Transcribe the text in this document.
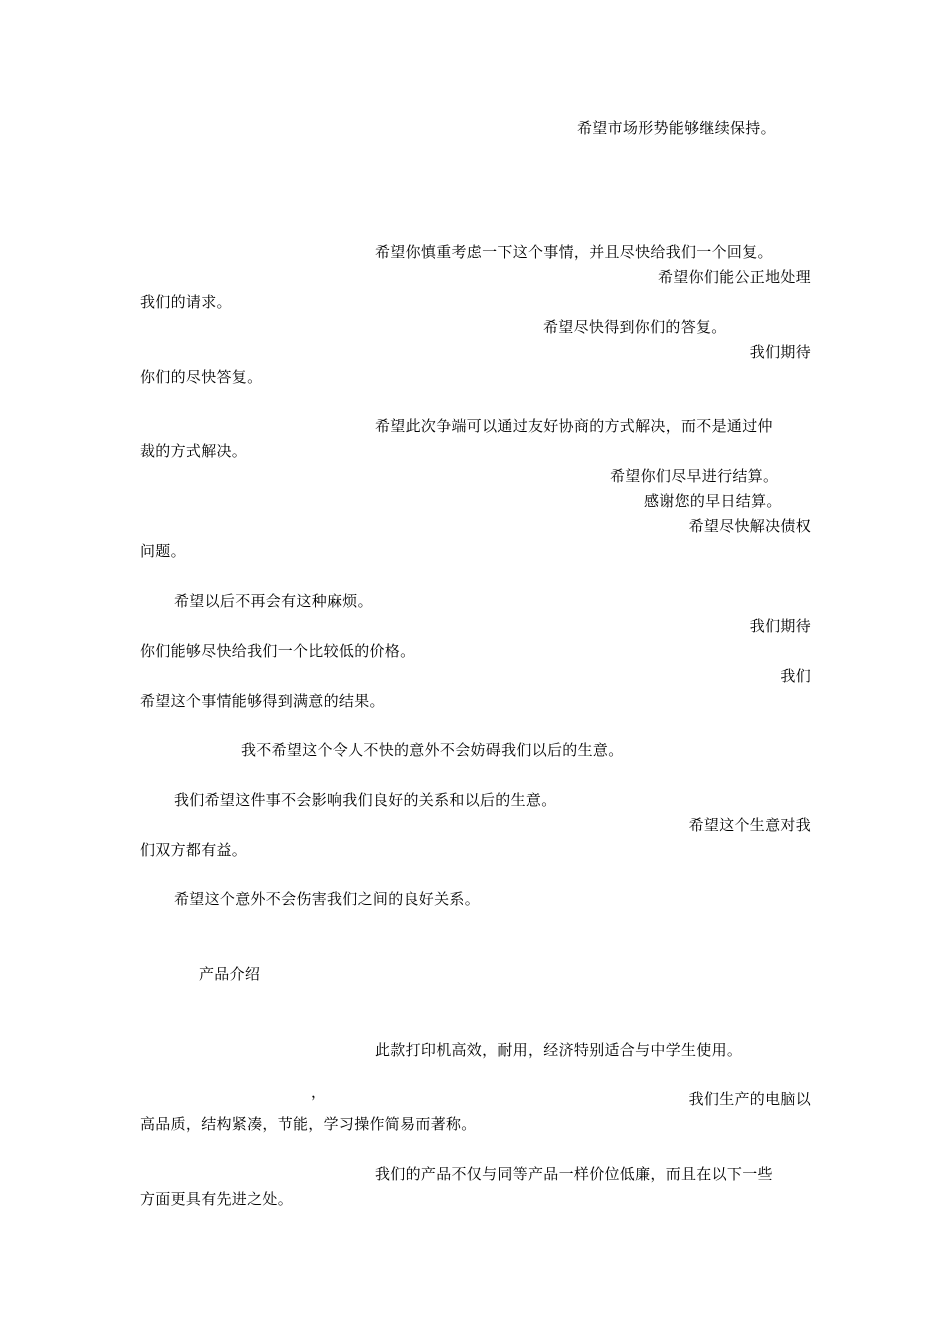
希望市场形势能够继续保持。
希望你慎重考虑一下这个事情，并且尽快给我们一个回复。
希望你们能公正地处理
我们的请求。
希望尽快得到你们的答复。
我们期待
你们的尽快答复。
希望此次争端可以通过友好协商的方式解决，而不是通过仲
裁的方式解决。
希望你们尽早进行结算。
感谢您的早日结算。
希望尽快解决债权
问题。
希望以后不再会有这种麻烦。
我们期待
你们能够尽快给我们一个比较低的价格。
我们
希望这个事情能够得到满意的结果。
我不希望这个令人不快的意外不会妨碍我们以后的生意。
我们希望这件事不会影响我们良好的关系和以后的生意。
希望这个生意对我
们双方都有益。
希望这个意外不会伤害我们之间的良好关系。
产品介绍
此款打印机高效，耐用，经济特别适合与中学生使用。
，	我们生产的电脑以
高品质，结构紧凑，节能，学习操作简易而著称。
我们的产品不仅与同等产品一样价位低廉，而且在以下一些
方面更具有先进之处。
